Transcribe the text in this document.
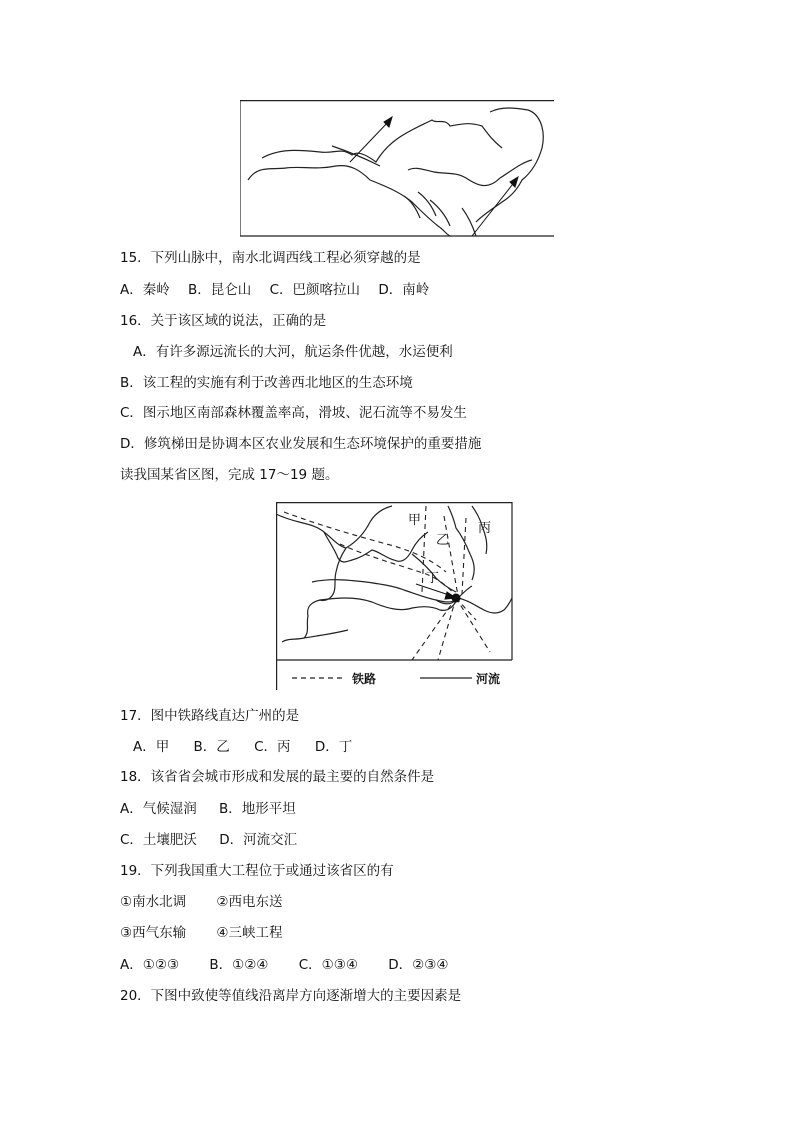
15．下列山脉中，南水北调西线工程必须穿越的是
A．秦岭 B．昆仑山 C．巴颜喀拉山 D．南岭
16．关于该区域的说法，正确的是
A．有许多源远流长的大河，航运条件优越，水运便利
B．该工程的实施有利于改善西北地区的生态环境
C．图示地区南部森林覆盖率高，滑坡、泥石流等不易发生
D．修筑梯田是协调本区农业发展和生态环境保护的重要措施
读我国某省区图，完成 17～19 题。
甲
乙
丙
丁
铁路	河流
17．图中铁路线直达广州的是
A．甲 B．乙 C．丙 D．丁
18．该省省会城市形成和发展的最主要的自然条件是
A．气候湿润 B．地形平坦
C．土壤肥沃 D．河流交汇
19．下列我国重大工程位于或通过该省区的有
①南水北调 ②西电东送
③西气东输 ④三峡工程
A．①②③ B．①②④ C．①③④ D．②③④
20．下图中致使等值线沿离岸方向逐渐增大的主要因素是
